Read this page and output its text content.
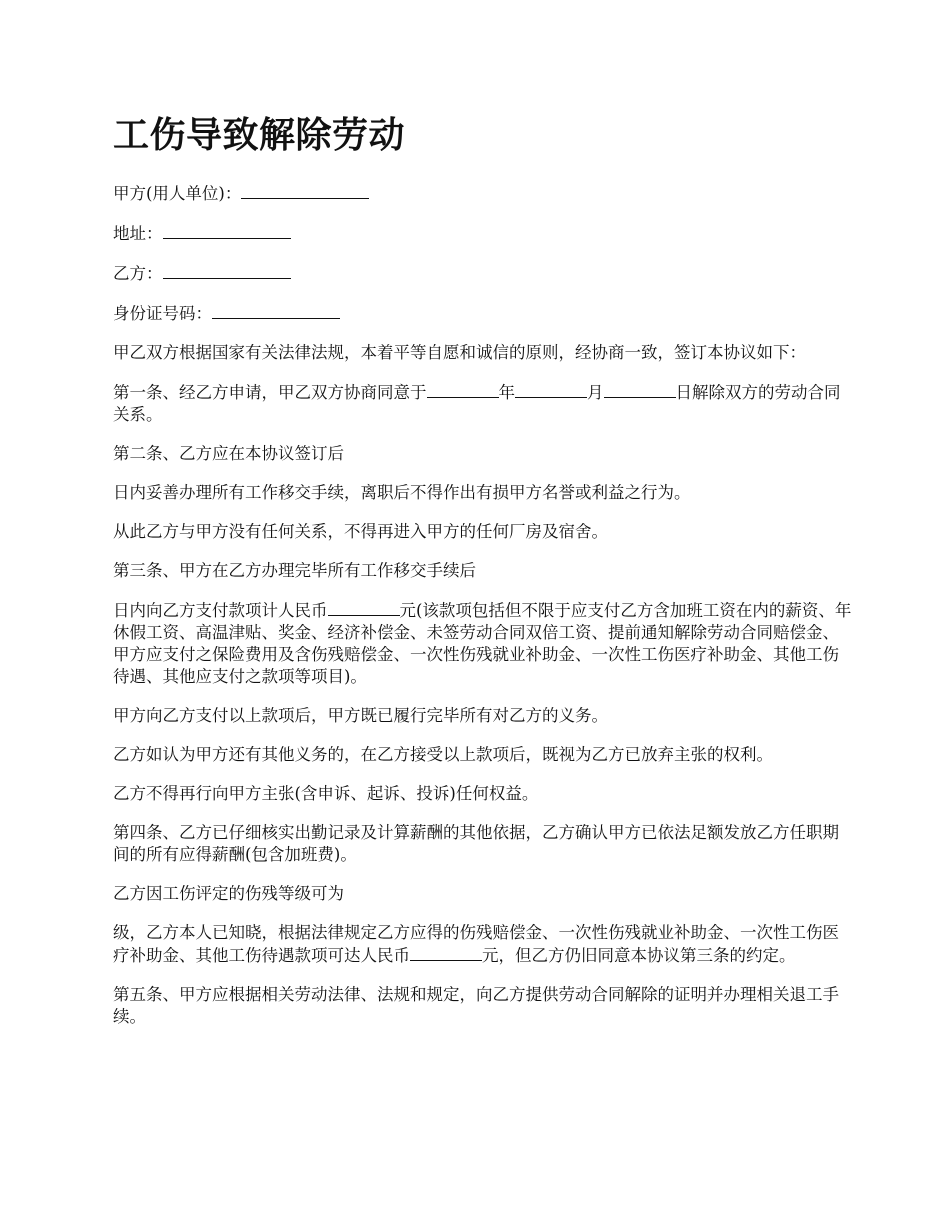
工伤导致解除劳动

甲方(用人单位)：

地址：

乙方：

身份证号码：

甲乙双方根据国家有关法律法规，本着平等自愿和诚信的原则，经协商一致，签订本协议如下：

第一条、经乙方申请，甲乙双方协商同意于	年	月	日解除双方的劳动合同关系。

第二条、乙方应在本协议签订后

日内妥善办理所有工作移交手续，离职后不得作出有损甲方名誉或利益之行为。

从此乙方与甲方没有任何关系，不得再进入甲方的任何厂房及宿舍。

第三条、甲方在乙方办理完毕所有工作移交手续后

日内向乙方支付款项计人民币	元(该款项包括但不限于应支付乙方含加班工资在内的薪资、年休假工资、高温津贴、奖金、经济补偿金、未签劳动合同双倍工资、提前通知解除劳动合同赔偿金、甲方应支付之保险费用及含伤残赔偿金、一次性伤残就业补助金、一次性工伤医疗补助金、其他工伤待遇、其他应支付之款项等项目)。

甲方向乙方支付以上款项后，甲方既已履行完毕所有对乙方的义务。

乙方如认为甲方还有其他义务的，在乙方接受以上款项后，既视为乙方已放弃主张的权利。

乙方不得再行向甲方主张(含申诉、起诉、投诉)任何权益。

第四条、乙方已仔细核实出勤记录及计算薪酬的其他依据，乙方确认甲方已依法足额发放乙方任职期间的所有应得薪酬(包含加班费)。

乙方因工伤评定的伤残等级可为

级，乙方本人已知晓，根据法律规定乙方应得的伤残赔偿金、一次性伤残就业补助金、一次性工伤医疗补助金、其他工伤待遇款项可达人民币	元，但乙方仍旧同意本协议第三条的约定。

第五条、甲方应根据相关劳动法律、法规和规定，向乙方提供劳动合同解除的证明并办理相关退工手续。
